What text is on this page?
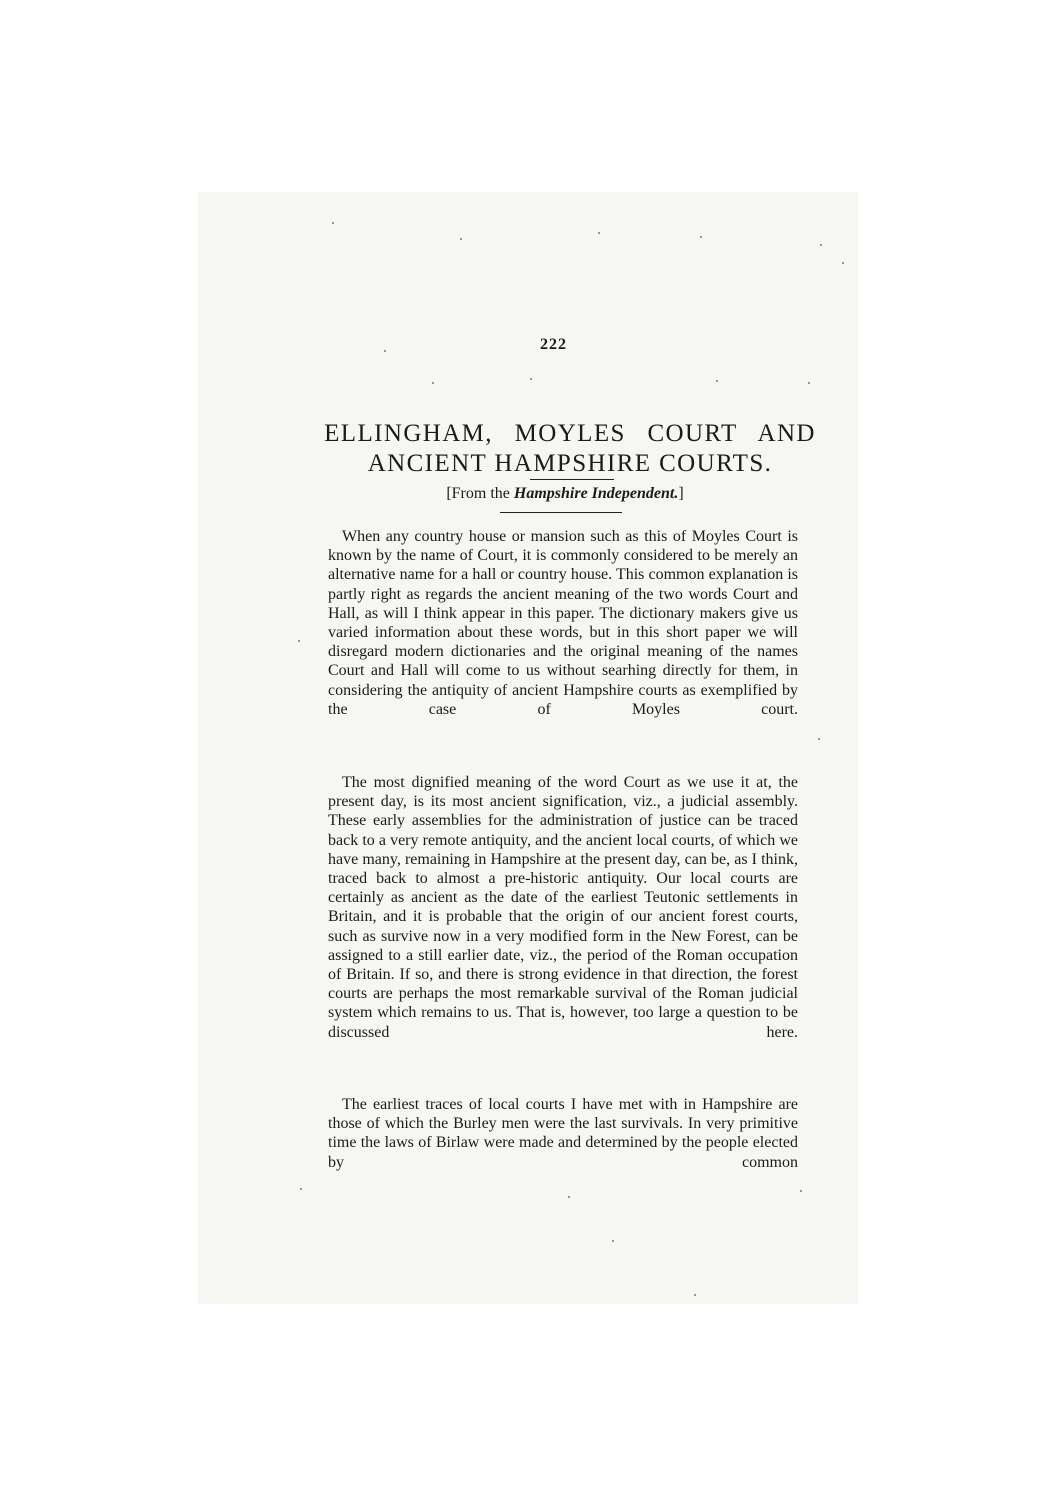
222
ELLINGHAM, MOYLES COURT AND
ANCIENT HAMPSHIRE COURTS.
[From the Hampshire Independent.]

When any country house or mansion such as this of Moyles Court is known by the name of Court, it is commonly considered to be merely an alternative name for a hall or country house. This common explanation is partly right as regards the ancient meaning of the two words Court and Hall, as will I think appear in this paper. The dictionary makers give us varied information about these words, but in this short paper we will disregard modern dictionaries and the original meaning of the names Court and Hall will come to us without searhing directly for them, in considering the antiquity of ancient Hampshire courts as exemplified by the case of Moyles court.

The most dignified meaning of the word Court as we use it at, the present day, is its most ancient signification, viz., a judicial assembly. These early assemblies for the administration of justice can be traced back to a very remote antiquity, and the ancient local courts, of which we have many, remaining in Hampshire at the present day, can be, as I think, traced back to almost a pre-historic antiquity. Our local courts are certainly as ancient as the date of the earliest Teutonic settlements in Britain, and it is probable that the origin of our ancient forest courts, such as survive now in a very modified form in the New Forest, can be assigned to a still earlier date, viz., the period of the Roman occupation of Britain. If so, and there is strong evidence in that direction, the forest courts are perhaps the most remarkable survival of the Roman judicial system which remains to us. That is, however, too large a question to be discussed here.

The earliest traces of local courts I have met with in Hampshire are those of which the Burley men were the last survivals. In very primitive time the laws of Birlaw were made and determined by the people elected by common
